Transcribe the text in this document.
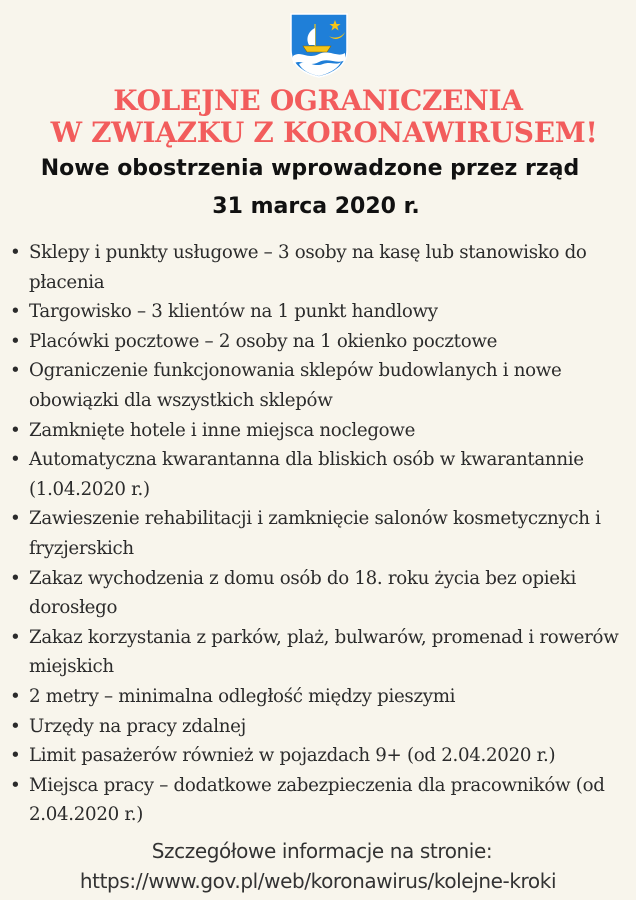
KOLEJNE OGRANICZENIA
W ZWIĄZKU Z KORONAWIRUSEM!
Nowe obostrzenia wprowadzone przez rząd
31 marca 2020 r.
• Sklepy i punkty usługowe – 3 osoby na kasę lub stanowisko do płacenia
• Targowisko – 3 klientów na 1 punkt handlowy
• Placówki pocztowe – 2 osoby na 1 okienko pocztowe
• Ograniczenie funkcjonowania sklepów budowlanych i nowe obowiązki dla wszystkich sklepów
• Zamknięte hotele i inne miejsca noclegowe
• Automatyczna kwarantanna dla bliskich osób w kwarantannie (1.04.2020 r.)
• Zawieszenie rehabilitacji i zamknięcie salonów kosmetycznych i fryzjerskich
• Zakaz wychodzenia z domu osób do 18. roku życia bez opieki dorosłego
• Zakaz korzystania z parków, plaż, bulwarów, promenad i rowerów miejskich
• 2 metry – minimalna odległość między pieszymi
• Urzędy na pracy zdalnej
• Limit pasażerów również w pojazdach 9+ (od 2.04.2020 r.)
• Miejsca pracy – dodatkowe zabezpieczenia dla pracowników (od 2.04.2020 r.)
Szczegółowe informacje na stronie:
https://www.gov.pl/web/koronawirus/kolejne-kroki
